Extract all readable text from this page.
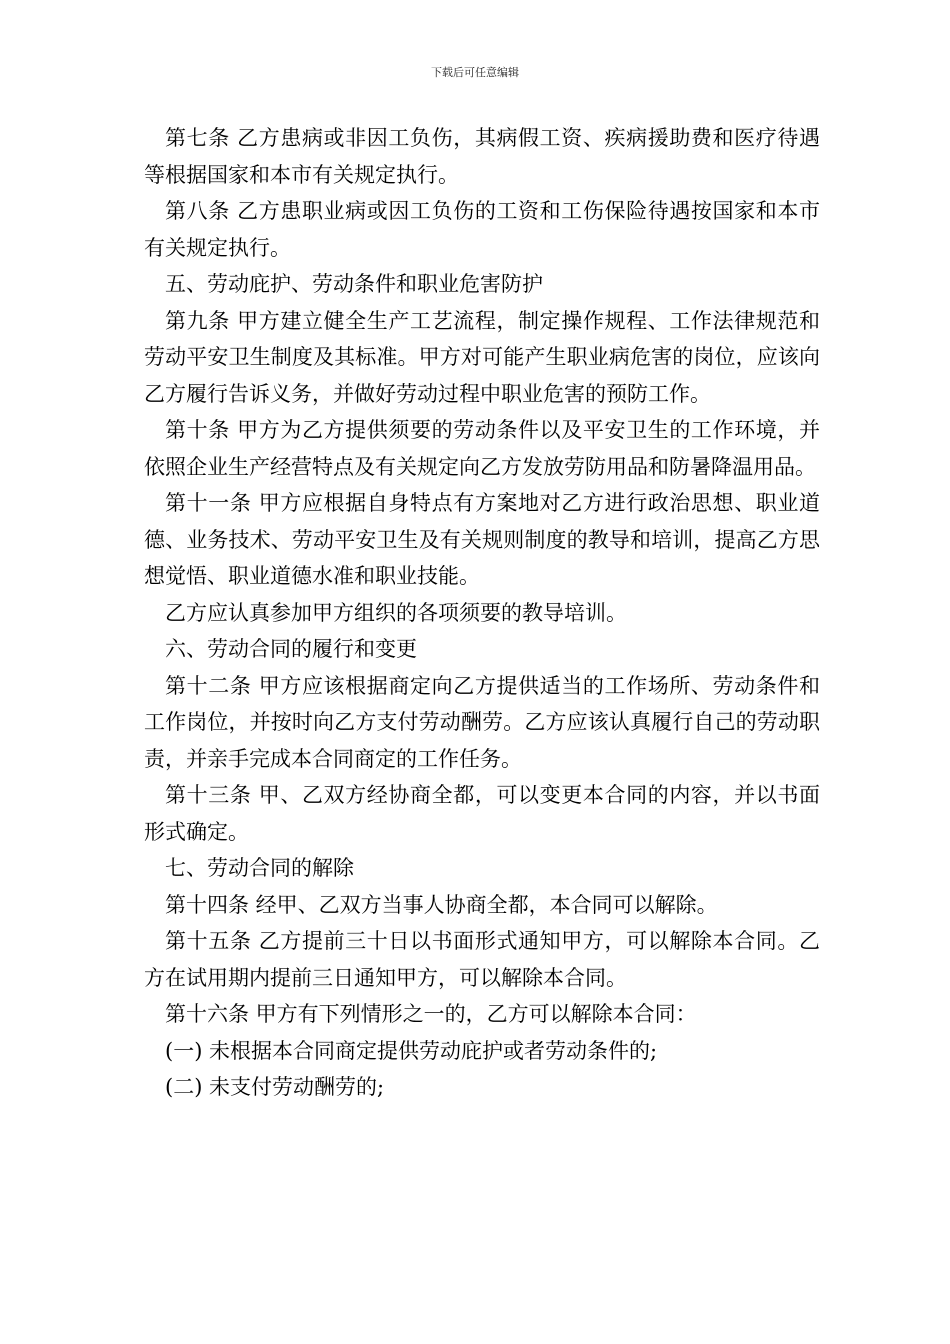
下载后可任意编辑

第七条 乙方患病或非因工负伤，其病假工资、疾病援助费和医疗待遇等根据国家和本市有关规定执行。

第八条 乙方患职业病或因工负伤的工资和工伤保险待遇按国家和本市有关规定执行。

五、劳动庇护、劳动条件和职业危害防护

第九条 甲方建立健全生产工艺流程，制定操作规程、工作法律规范和劳动平安卫生制度及其标准。甲方对可能产生职业病危害的岗位，应该向乙方履行告诉义务，并做好劳动过程中职业危害的预防工作。

第十条 甲方为乙方提供须要的劳动条件以及平安卫生的工作环境，并依照企业生产经营特点及有关规定向乙方发放劳防用品和防暑降温用品。

第十一条 甲方应根据自身特点有方案地对乙方进行政治思想、职业道德、业务技术、劳动平安卫生及有关规则制度的教导和培训，提高乙方思想觉悟、职业道德水准和职业技能。

乙方应认真参加甲方组织的各项须要的教导培训。

六、劳动合同的履行和变更

第十二条 甲方应该根据商定向乙方提供适当的工作场所、劳动条件和工作岗位，并按时向乙方支付劳动酬劳。乙方应该认真履行自己的劳动职责，并亲手完成本合同商定的工作任务。

第十三条 甲、乙双方经协商全都，可以变更本合同的内容，并以书面形式确定。

七、劳动合同的解除

第十四条 经甲、乙双方当事人协商全都，本合同可以解除。

第十五条 乙方提前三十日以书面形式通知甲方，可以解除本合同。乙方在试用期内提前三日通知甲方，可以解除本合同。

第十六条 甲方有下列情形之一的，乙方可以解除本合同：

(一) 未根据本合同商定提供劳动庇护或者劳动条件的;

(二) 未支付劳动酬劳的;
